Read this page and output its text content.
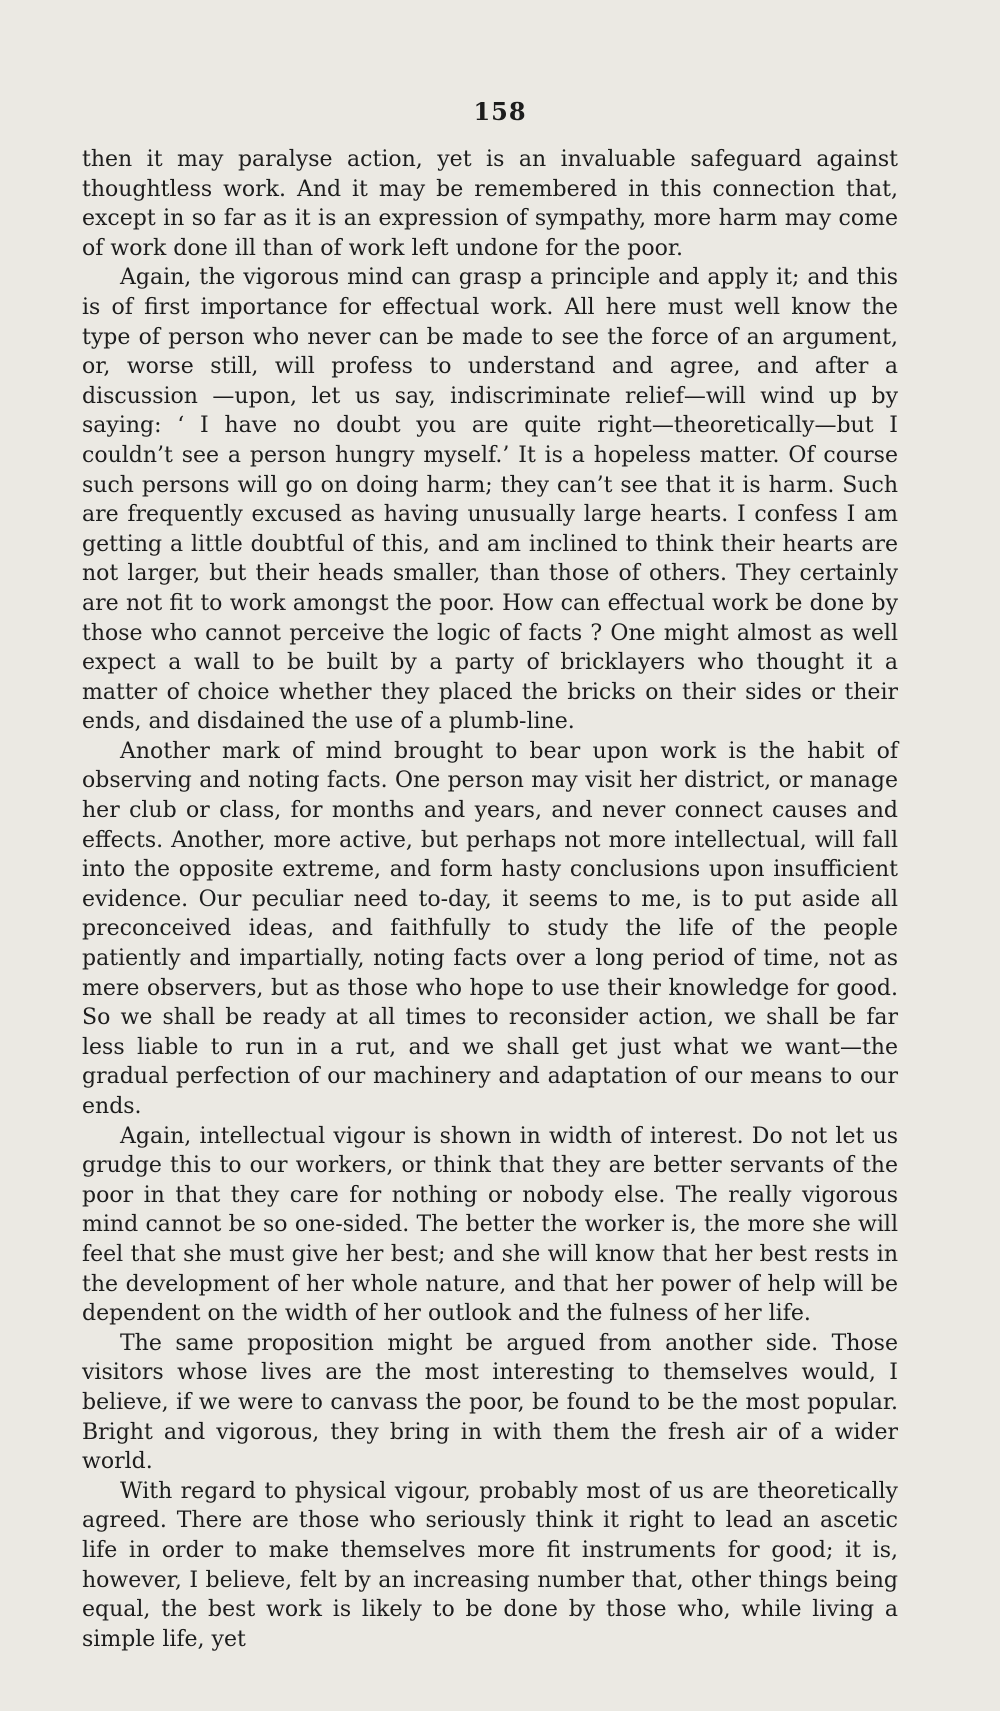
158

then it may paralyse action, yet is an invaluable safeguard against thoughtless work. And it may be remembered in this connection that, except in so far as it is an expression of sympathy, more harm may come of work done ill than of work left undone for the poor.

Again, the vigorous mind can grasp a principle and apply it; and this is of first importance for effectual work. All here must well know the type of person who never can be made to see the force of an argument, or, worse still, will profess to understand and agree, and after a discussion —upon, let us say, indiscriminate relief—will wind up by saying: ‘ I have no doubt you are quite right—theoretically—but I couldn’t see a person hungry myself.’ It is a hopeless matter. Of course such persons will go on doing harm; they can’t see that it is harm. Such are frequently excused as having unusually large hearts. I confess I am getting a little doubtful of this, and am inclined to think their hearts are not larger, but their heads smaller, than those of others. They certainly are not fit to work amongst the poor. How can effectual work be done by those who cannot perceive the logic of facts ? One might almost as well expect a wall to be built by a party of bricklayers who thought it a matter of choice whether they placed the bricks on their sides or their ends, and disdained the use of a plumb-line.

Another mark of mind brought to bear upon work is the habit of observing and noting facts. One person may visit her district, or manage her club or class, for months and years, and never connect causes and effects. Another, more active, but perhaps not more intellectual, will fall into the opposite extreme, and form hasty conclusions upon insufficient evidence. Our peculiar need to-day, it seems to me, is to put aside all preconceived ideas, and faithfully to study the life of the people patiently and impartially, noting facts over a long period of time, not as mere observers, but as those who hope to use their knowledge for good. So we shall be ready at all times to reconsider action, we shall be far less liable to run in a rut, and we shall get just what we want—the gradual perfection of our machinery and adaptation of our means to our ends.

Again, intellectual vigour is shown in width of interest. Do not let us grudge this to our workers, or think that they are better servants of the poor in that they care for nothing or nobody else. The really vigorous mind cannot be so one-sided. The better the worker is, the more she will feel that she must give her best; and she will know that her best rests in the development of her whole nature, and that her power of help will be dependent on the width of her outlook and the fulness of her life.

The same proposition might be argued from another side. Those visitors whose lives are the most interesting to themselves would, I believe, if we were to canvass the poor, be found to be the most popular. Bright and vigorous, they bring in with them the fresh air of a wider world.

With regard to physical vigour, probably most of us are theoretically agreed. There are those who seriously think it right to lead an ascetic life in order to make themselves more fit instruments for good; it is, however, I believe, felt by an increasing number that, other things being equal, the best work is likely to be done by those who, while living a simple life, yet
